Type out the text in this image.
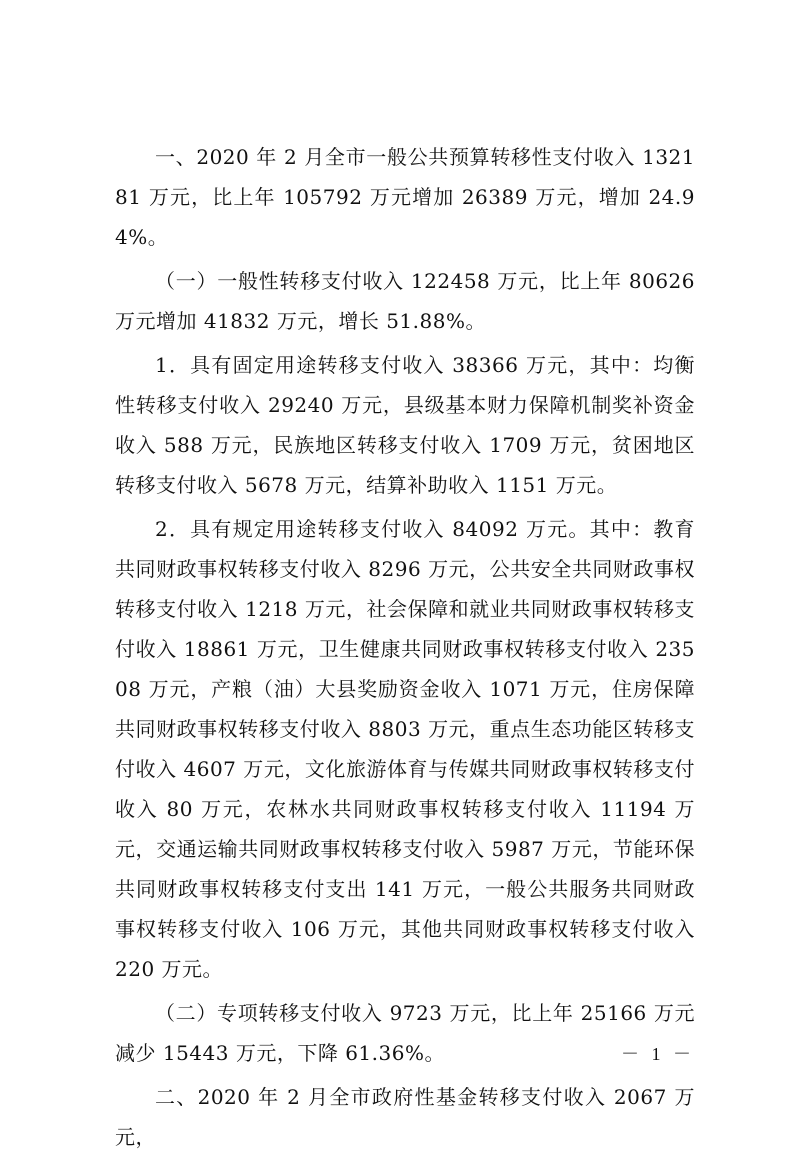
一、2020 年 2 月全市一般公共预算转移性支付收入 132181 万元，比上年 105792 万元增加 26389 万元，增加 24.94%。

（一）一般性转移支付收入 122458 万元，比上年 80626 万元增加 41832 万元，增长 51.88%。

1．具有固定用途转移支付收入 38366 万元，其中：均衡性转移支付收入 29240 万元，县级基本财力保障机制奖补资金收入 588 万元，民族地区转移支付收入 1709 万元，贫困地区转移支付收入 5678 万元，结算补助收入 1151 万元。

2．具有规定用途转移支付收入 84092 万元。其中：教育共同财政事权转移支付收入 8296 万元，公共安全共同财政事权转移支付收入 1218 万元，社会保障和就业共同财政事权转移支付收入 18861 万元，卫生健康共同财政事权转移支付收入 23508 万元，产粮（油）大县奖励资金收入 1071 万元，住房保障共同财政事权转移支付收入 8803 万元，重点生态功能区转移支付收入 4607 万元，文化旅游体育与传媒共同财政事权转移支付收入 80 万元，农林水共同财政事权转移支付收入 11194 万元，交通运输共同财政事权转移支付收入 5987 万元，节能环保共同财政事权转移支付支出 141 万元，一般公共服务共同财政事权转移支付收入 106 万元，其他共同财政事权转移支付收入 220 万元。

（二）专项转移支付收入 9723 万元，比上年 25166 万元减少 15443 万元，下降 61.36%。

二、2020 年 2 月全市政府性基金转移支付收入 2067 万元，

－ 1 －
